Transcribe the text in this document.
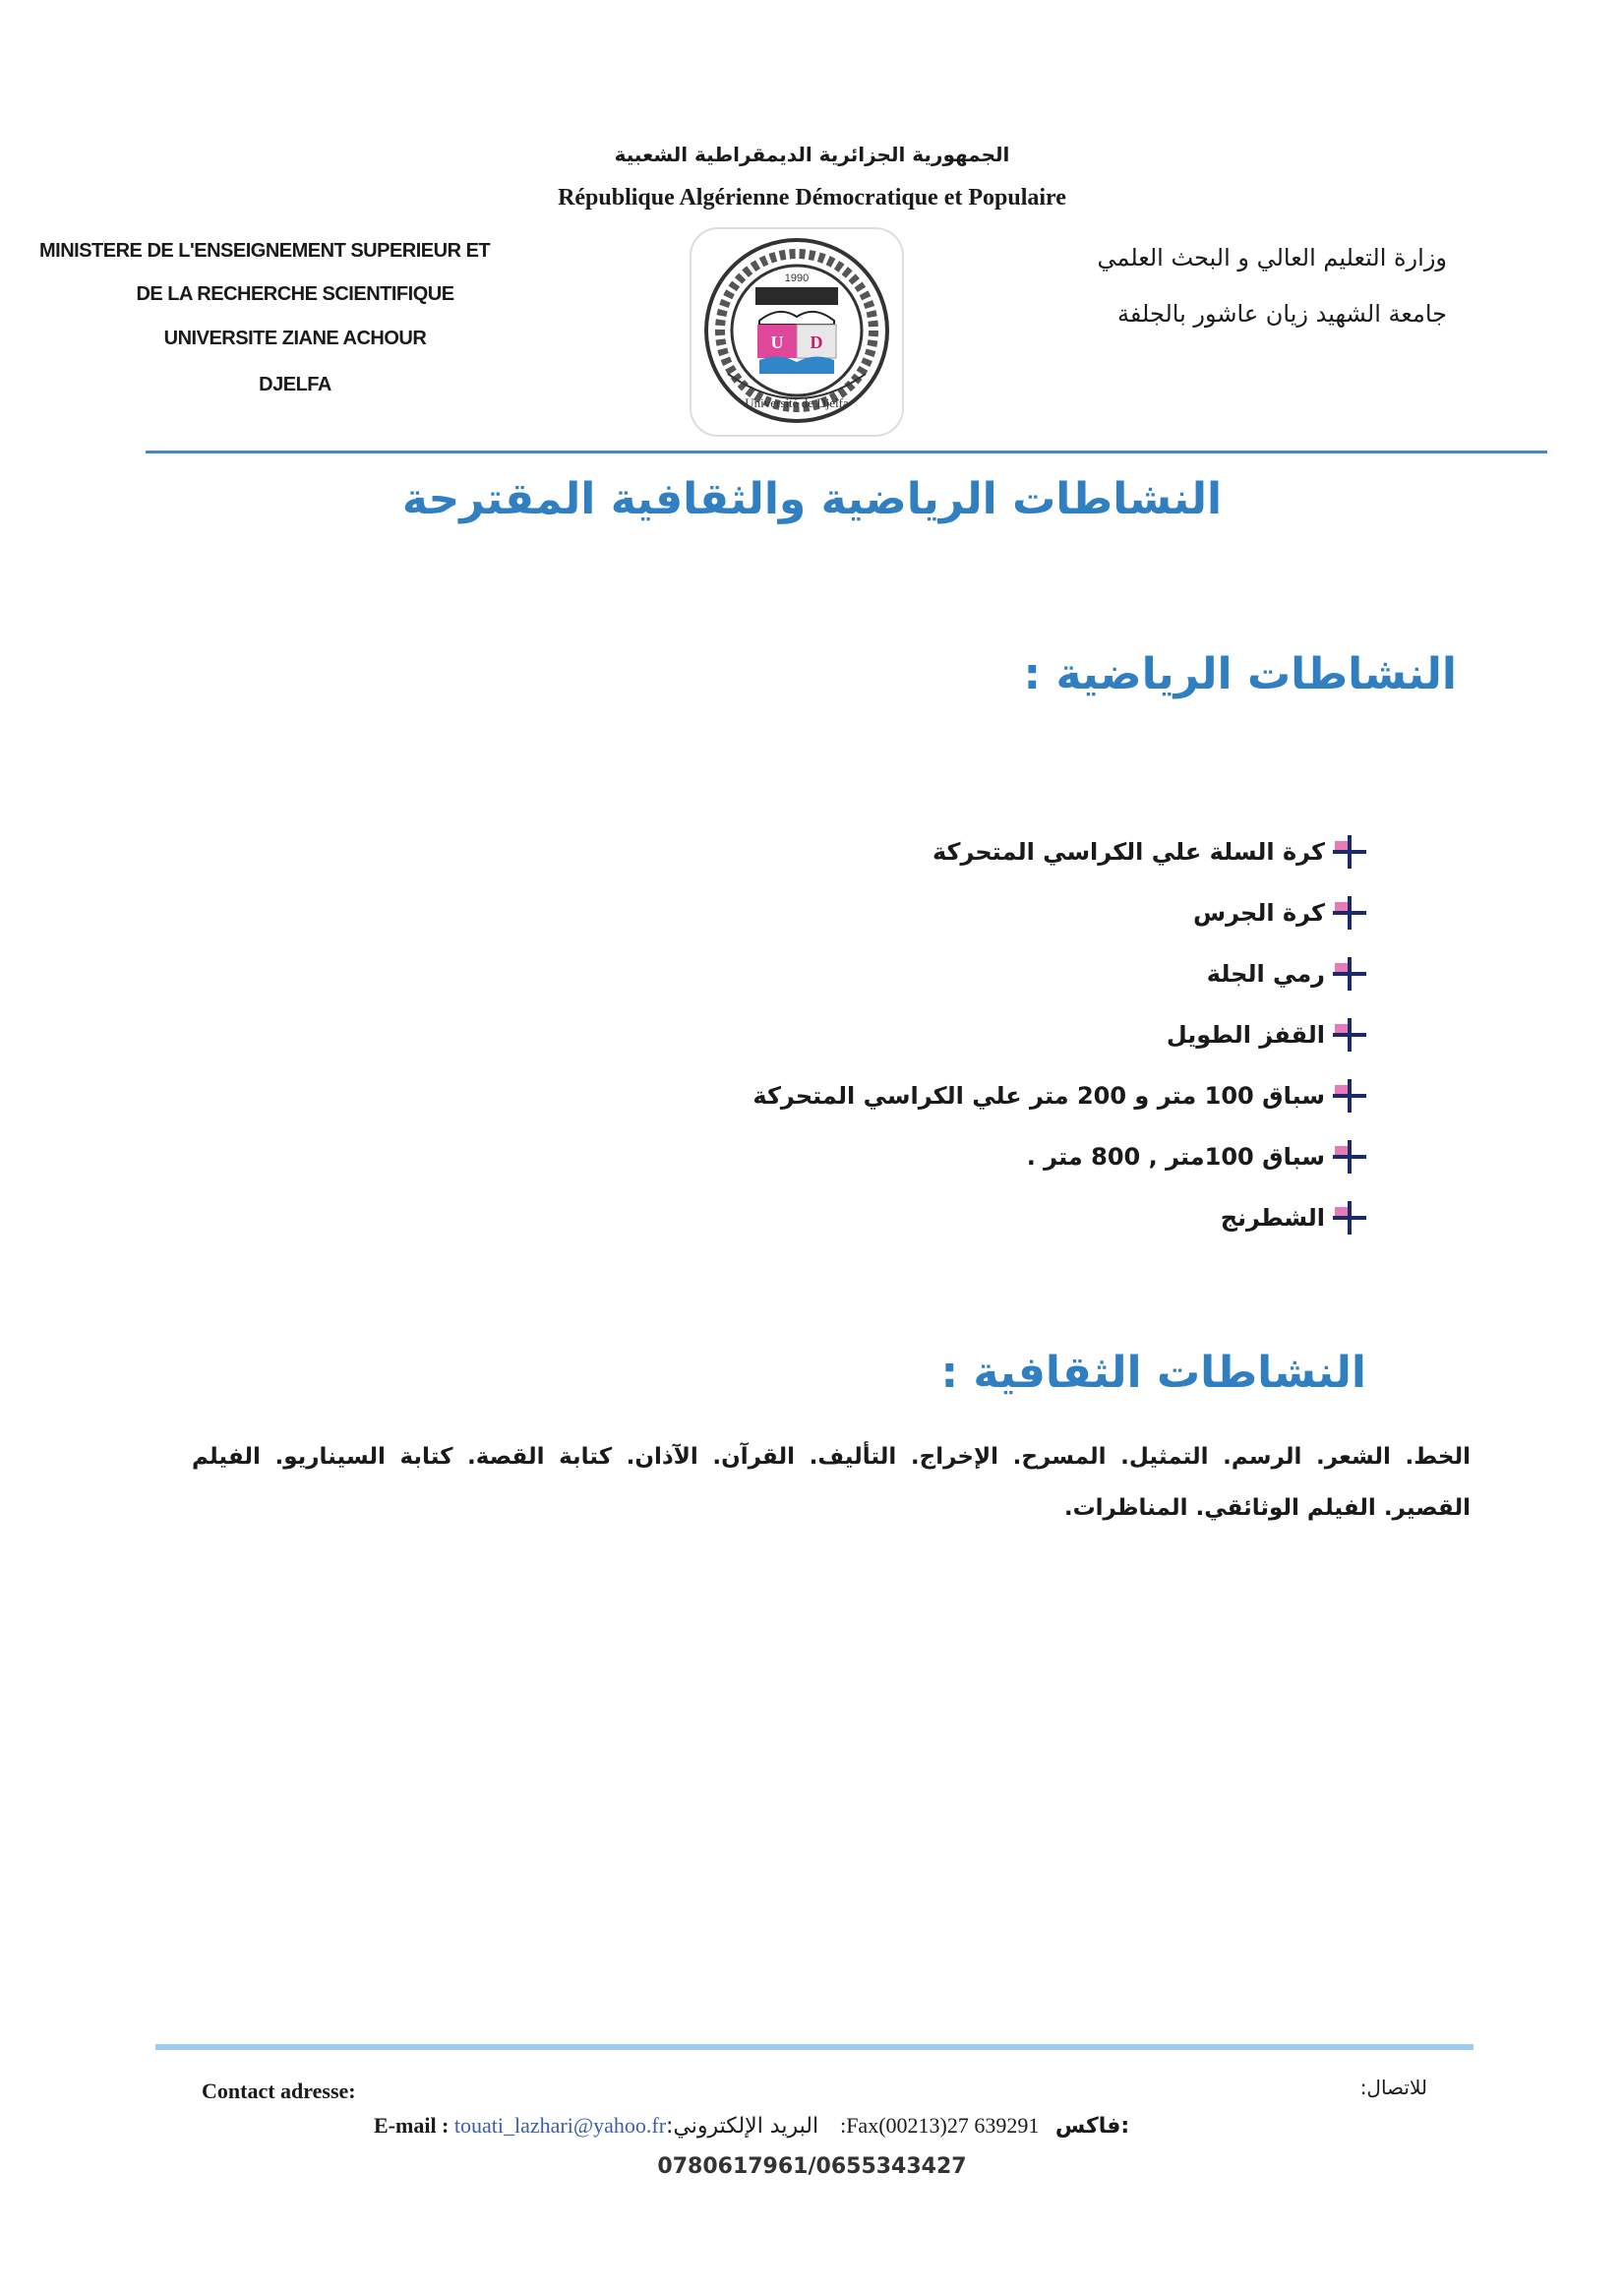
الجمهورية الجزائرية الديمقراطية الشعبية
République Algérienne Démocratique et Populaire
MINISTERE DE L'ENSEIGNEMENT SUPERIEUR ET
DE LA RECHERCHE SCIENTIFIQUE
UNIVERSITE ZIANE ACHOUR
DJELFA
وزارة التعليم العالي و البحث العلمي
جامعة الشهيد زيان عاشور بالجلفة
1990
U D
Université de Djelfa
النشاطات الرياضية والثقافية المقترحة
النشاطات الرياضية :
كرة السلة علي الكراسي المتحركة
كرة الجرس
رمي الجلة
القفز الطويل
سباق 100 متر و 200 متر علي الكراسي المتحركة
سباق 100متر , 800 متر .
الشطرنج
النشاطات الثقافية :
الخط. الشعر. الرسم. التمثيل. المسرح. الإخراج. التأليف. القرآن. الآذان. كتابة القصة. كتابة السيناريو. الفيلم القصير. الفيلم الوثائقي. المناظرات.
Contact adresse:	للاتصال:
E-mail : touati_lazhari@yahoo.fr:البريد الإلكتروني :Fax(00213)27 639291 فاكس:
0780617961/0655343427
